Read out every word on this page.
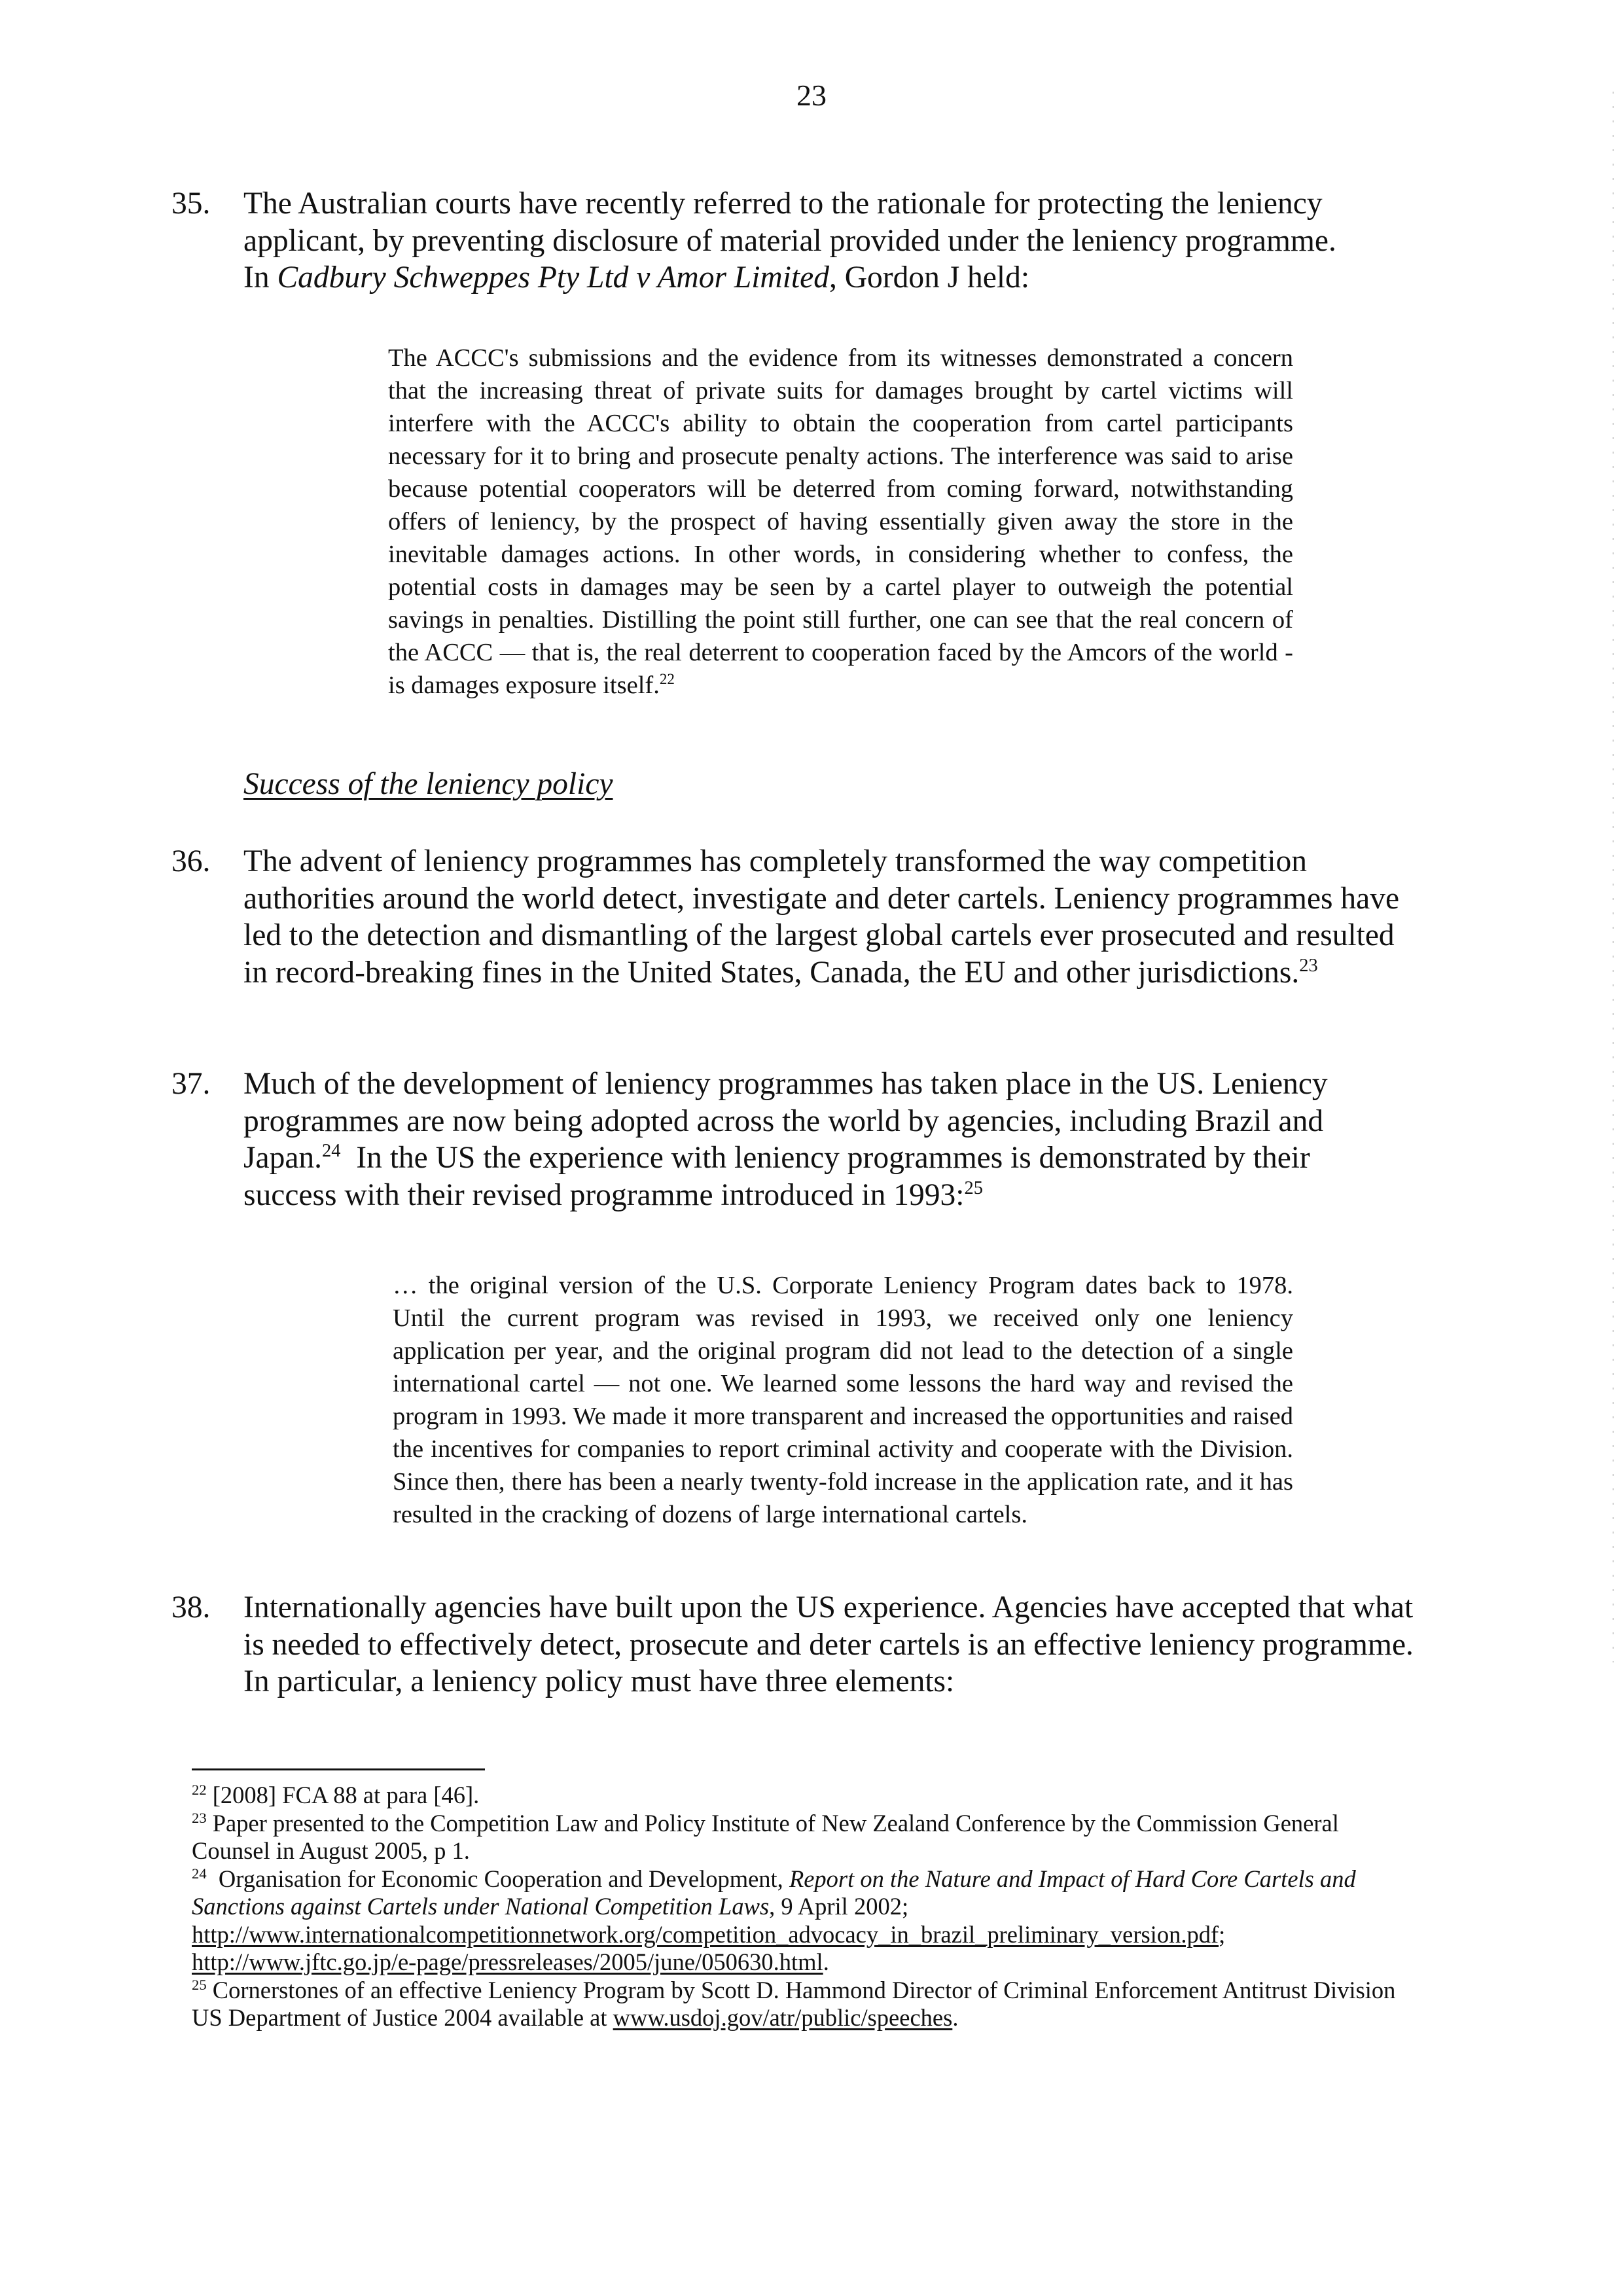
23
35. The Australian courts have recently referred to the rationale for protecting the leniency applicant, by preventing disclosure of material provided under the leniency programme.
In Cadbury Schweppes Pty Ltd v Amor Limited, Gordon J held:
The ACCC's submissions and the evidence from its witnesses demonstrated a concern that the increasing threat of private suits for damages brought by cartel victims will interfere with the ACCC's ability to obtain the cooperation from cartel participants necessary for it to bring and prosecute penalty actions. The interference was said to arise because potential cooperators will be deterred from coming forward, notwithstanding offers of leniency, by the prospect of having essentially given away the store in the inevitable damages actions. In other words, in considering whether to confess, the potential costs in damages may be seen by a cartel player to outweigh the potential savings in penalties. Distilling the point still further, one can see that the real concern of the ACCC — that is, the real deterrent to cooperation faced by the Amcors of the world - is damages exposure itself.$^{22}$
Success of the leniency policy
36. The advent of leniency programmes has completely transformed the way competition authorities around the world detect, investigate and deter cartels. Leniency programmes have led to the detection and dismantling of the largest global cartels ever prosecuted and resulted in record-breaking fines in the United States, Canada, the EU and other jurisdictions.$^{23}$
37. Much of the development of leniency programmes has taken place in the US. Leniency programmes are now being adopted across the world by agencies, including Brazil and Japan.$^{24}$  In the US the experience with leniency programmes is demonstrated by their success with their revised programme introduced in 1993:$^{25}$
… the original version of the U.S. Corporate Leniency Program dates back to 1978. Until the current program was revised in 1993, we received only one leniency application per year, and the original program did not lead to the detection of a single international cartel — not one. We learned some lessons the hard way and revised the program in 1993. We made it more transparent and increased the opportunities and raised the incentives for companies to report criminal activity and cooperate with the Division. Since then, there has been a nearly twenty-fold increase in the application rate, and it has resulted in the cracking of dozens of large international cartels.
38. Internationally agencies have built upon the US experience. Agencies have accepted that what is needed to effectively detect, prosecute and deter cartels is an effective leniency programme. In particular, a leniency policy must have three elements:

$^{22}$ [2008] FCA 88 at para [46].

$^{23}$ Paper presented to the Competition Law and Policy Institute of New Zealand Conference by the Commission General Counsel in August 2005, p 1.

$^{24}$  Organisation for Economic Cooperation and Development, Report on the Nature and Impact of Hard Core Cartels and Sanctions against Cartels under National Competition Laws, 9 April 2002;
http://www.internationalcompetitionnetwork.org/competition_advocacy_in_brazil_preliminary_version.pdf;
http://www.jftc.go.jp/e-page/pressreleases/2005/june/050630.html.

$^{25}$ Cornerstones of an effective Leniency Program by Scott D. Hammond Director of Criminal Enforcement Antitrust Division US Department of Justice 2004 available at www.usdoj.gov/atr/public/speeches.
